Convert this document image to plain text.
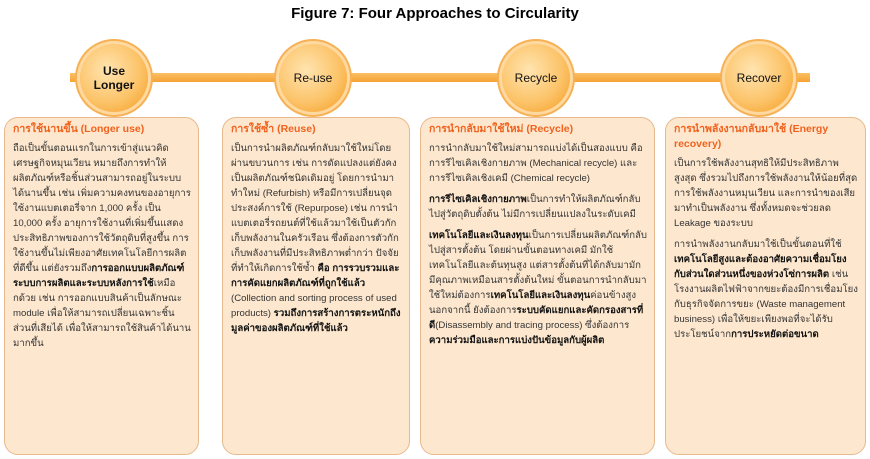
Figure 7: Four Approaches to Circularity
Use
Longer	Re-use	Recycle	Recover
การใช้นานขึ้น (Longer use)

ถือเป็นขั้นตอนแรกในการเข้าสู่แนวคิดเศรษฐกิจหมุนเวียน หมายถึงการทำให้ผลิตภัณฑ์หรือชิ้นส่วนสามารถอยู่ในระบบได้นานขึ้น เช่น เพิ่มความคงทนของอายุการใช้งานแบตเตอรี่จาก 1,000 ครั้ง เป็น 10,000 ครั้ง อายุการใช้งานที่เพิ่มขึ้นแสดงประสิทธิภาพของการใช้วัตถุดิบที่สูงขึ้น การใช้งานขึ้นไม่เพียงอาศัยเทคโนโลยีการผลิตที่ดีขึ้น แต่ยังรวมถึงการออกแบบผลิตภัณฑ์ ระบบการผลิตและระบบหลังการใช้เหมือกด้วย เช่น การออกแบบสินค้าเป็นลักษณะ module เพื่อให้สามารถเปลี่ยนเฉพาะชิ้นส่วนที่เสียได้ เพื่อให้สามารถใช้สินค้าได้นานมากขึ้น

การใช้ซ้ำ (Reuse)

เป็นการนำผลิตภัณฑ์กลับมาใช้ใหม่โดยผ่านขบวนการ เช่น การดัดแปลงแต่ยังคงเป็นผลิตภัณฑ์ชนิดเดิมอยู่ โดยการนำมาทำใหม่ (Refurbish) หรือมีการเปลี่ยนจุดประสงค์การใช้ (Repurpose) เช่น การนำแบตเตอรี่รถยนต์ที่ใช้แล้วมาใช้เป็นตัวกักเก็บพลังงานในครัวเรือน ซึ่งต้องการตัวกักเก็บพลังงานที่มีประสิทธิภาพต่ำกว่า ปัจจัยที่ทำให้เกิดการใช้ซ้ำ คือ การรวบรวมและการคัดแยกผลิตภัณฑ์ที่ถูกใช้แล้ว (Collection and sorting process of used products) รวมถึงการสร้างการตระหนักถึงมูลค่าของผลิตภัณฑ์ที่ใช้แล้ว

การนำกลับมาใช้ใหม่ (Recycle)

การนำกลับมาใช้ใหม่สามารถแบ่งได้เป็นสองแบบ คือ การรีไซเคิลเชิงกายภาพ (Mechanical recycle) และการรีไซเคิลเชิงเคมี (Chemical recycle)

การรีไซเคิลเชิงกายภาพเป็นการทำให้ผลิตภัณฑ์กลับไปสู่วัตถุดิบตั้งต้น ไม่มีการเปลี่ยนแปลงในระดับเคมี

เทคโนโลยีและเงินลงทุนเป็นการเปลี่ยนผลิตภัณฑ์กลับไปสู่สารตั้งต้น โดยผ่านขั้นตอนทางเคมี มักใช้เทคโนโลยีและต้นทุนสูง แต่สารตั้งต้นที่ได้กลับมามักมีคุณภาพเหมือนสารตั้งต้นใหม่ ขั้นตอนการนำกลับมาใช้ใหม่ต้องการเทคโนโลยีและเงินลงทุนค่อนข้างสูง นอกจากนี้ ยังต้องการระบบคัดแยกและคัดกรองสารที่ดี(Disassembly and tracing process) ซึ่งต้องการความร่วมมือและการแบ่งปันข้อมูลกับผู้ผลิต

การนำพลังงานกลับมาใช้ (Energy recovery)

เป็นการใช้พลังงานสุทธิให้มีประสิทธิภาพสูงสุด ซึ่งรวมไปถึงการใช้พลังงานให้น้อยที่สุด การใช้พลังงานหมุนเวียน และการนำของเสียมาทำเป็นพลังงาน ซึ่งทั้งหมดจะช่วยลด Leakage ของระบบ

การนำพลังงานกลับมาใช้เป็นขั้นตอนที่ใช้เทคโนโลยีสูงและต้องอาศัยความเชื่อมโยงกับส่วนใดส่วนหนึ่งของห่วงโซ่การผลิต เช่น โรงงานผลิตไฟฟ้าจากขยะต้องมีการเชื่อมโยงกับธุรกิจจัดการขยะ (Waste management business) เพื่อให้ขยะเพียงพอที่จะได้รับประโยชน์จากการประหยัดต่อขนาด
